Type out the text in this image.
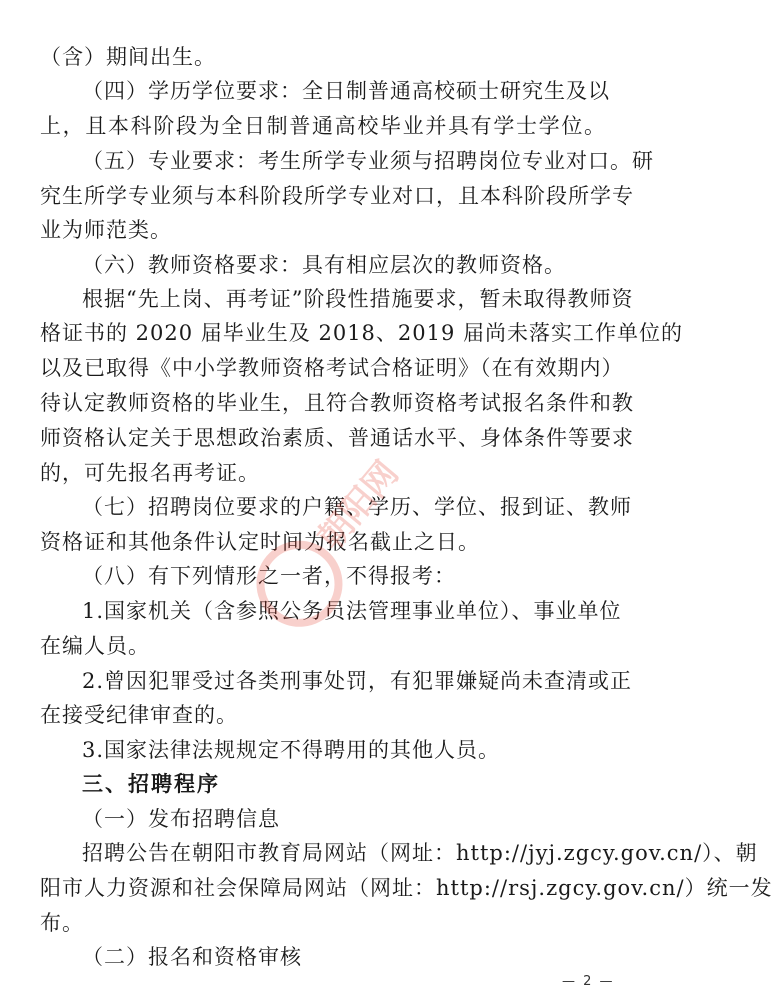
（含）期间出生。
（四）学历学位要求：全日制普通高校硕士研究生及以
上，且本科阶段为全日制普通高校毕业并具有学士学位。
（五）专业要求：考生所学专业须与招聘岗位专业对口。研
究生所学专业须与本科阶段所学专业对口，且本科阶段所学专
业为师范类。
（六）教师资格要求：具有相应层次的教师资格。
根据“先上岗、再考证”阶段性措施要求，暂未取得教师资
格证书的 2020 届毕业生及 2018、2019 届尚未落实工作单位的
以及已取得《中小学教师资格考试合格证明》（在有效期内）
待认定教师资格的毕业生，且符合教师资格考试报名条件和教
师资格认定关于思想政治素质、普通话水平、身体条件等要求
的，可先报名再考证。
（七）招聘岗位要求的户籍、学历、学位、报到证、教师
资格证和其他条件认定时间为报名截止之日。
（八）有下列情形之一者，不得报考：
1.国家机关（含参照公务员法管理事业单位）、事业单位
在编人员。
2.曾因犯罪受过各类刑事处罚，有犯罪嫌疑尚未查清或正
在接受纪律审查的。
3.国家法律法规规定不得聘用的其他人员。
三、招聘程序
（一）发布招聘信息
招聘公告在朝阳市教育局网站（网址：http://jyj.zgcy.gov.cn/）、朝
阳市人力资源和社会保障局网站（网址：http://rsj.zgcy.gov.cn/）统一发
布。
（二）报名和资格审核
朝阳网
— 2 —
